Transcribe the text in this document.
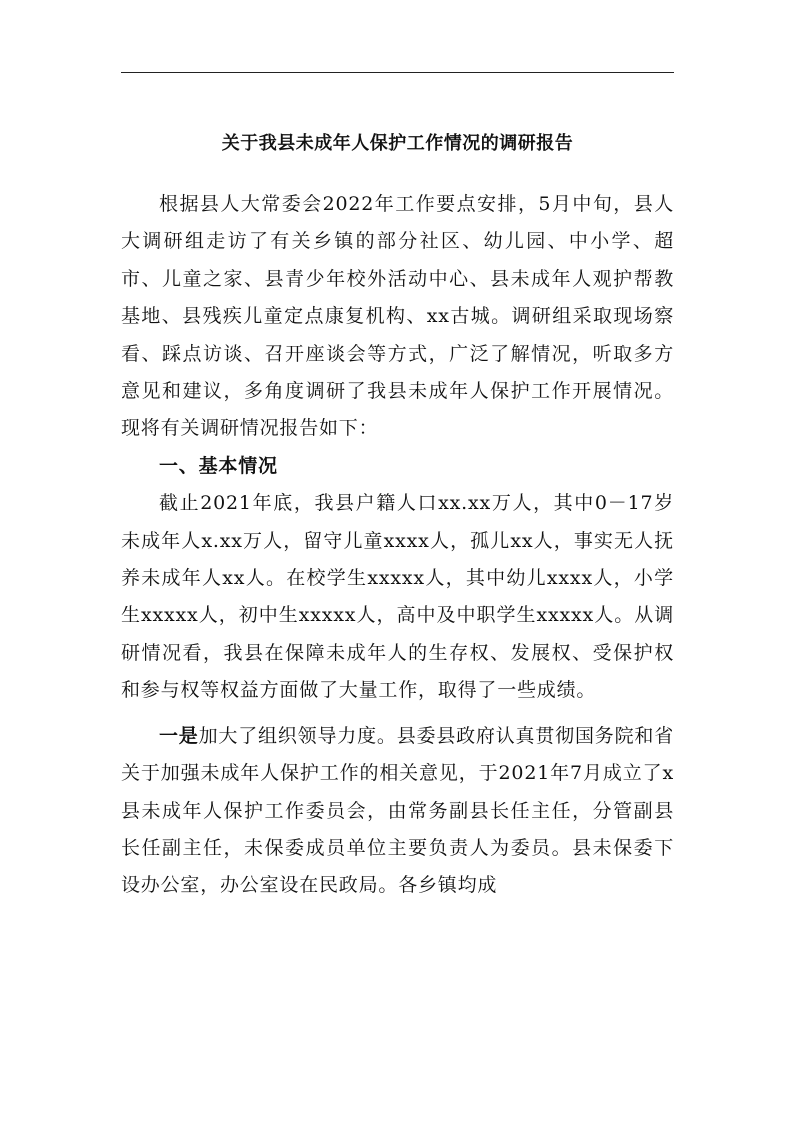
关于我县未成年人保护工作情况的调研报告

根据县人大常委会2022年工作要点安排，5月中旬，县人大调研组走访了有关乡镇的部分社区、幼儿园、中小学、超市、儿童之家、县青少年校外活动中心、县未成年人观护帮教基地、县残疾儿童定点康复机构、xx古城。调研组采取现场察看、踩点访谈、召开座谈会等方式，广泛了解情况，听取多方意见和建议，多角度调研了我县未成年人保护工作开展情况。现将有关调研情况报告如下：

一、基本情况

截止2021年底，我县户籍人口xx.xx万人，其中0－17岁未成年人x.xx万人，留守儿童xxxx人，孤儿xx人，事实无人抚养未成年人xx人。在校学生xxxxx人，其中幼儿xxxx人，小学生xxxxx人，初中生xxxxx人，高中及中职学生xxxxx人。从调研情况看，我县在保障未成年人的生存权、发展权、受保护权和参与权等权益方面做了大量工作，取得了一些成绩。

一是加大了组织领导力度。县委县政府认真贯彻国务院和省关于加强未成年人保护工作的相关意见，于2021年7月成立了x县未成年人保护工作委员会，由常务副县长任主任，分管副县长任副主任，未保委成员单位主要负责人为委员。县未保委下设办公室，办公室设在民政局。各乡镇均成
